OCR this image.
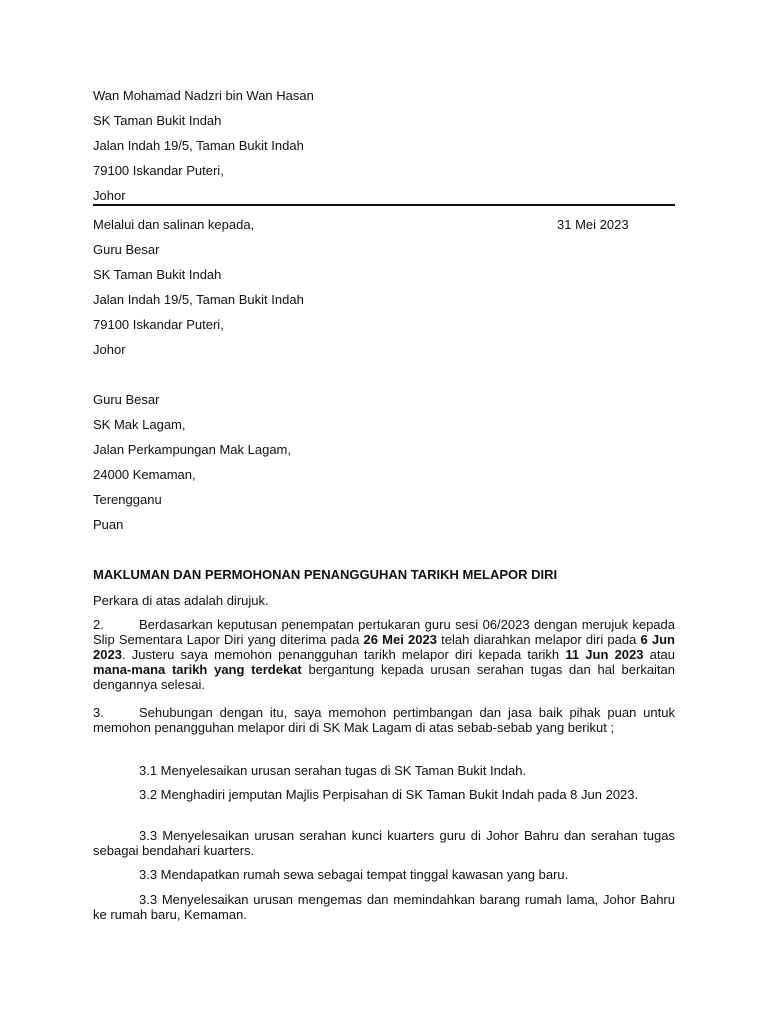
Wan Mohamad Nadzri bin Wan Hasan
SK Taman Bukit Indah
Jalan Indah 19/5, Taman Bukit Indah
79100 Iskandar Puteri,
Johor
Melalui dan salinan kepada,
Guru Besar
SK Taman Bukit Indah
Jalan Indah 19/5, Taman Bukit Indah
79100 Iskandar Puteri,
Johor
31 Mei 2023
Guru Besar
SK Mak Lagam,
Jalan Perkampungan Mak Lagam,
24000 Kemaman,
Terengganu
Puan
MAKLUMAN DAN PERMOHONAN PENANGGUHAN TARIKH MELAPOR DIRI
Perkara di atas adalah dirujuk.
2.	Berdasarkan keputusan penempatan pertukaran guru sesi 06/2023 dengan merujuk kepada Slip Sementara Lapor Diri yang diterima pada 26 Mei 2023 telah diarahkan melapor diri pada 6 Jun 2023. Justeru saya memohon penangguhan tarikh melapor diri kepada tarikh 11 Jun 2023 atau mana-mana tarikh yang terdekat bergantung kepada urusan serahan tugas dan hal berkaitan dengannya selesai.
3.	Sehubungan dengan itu, saya memohon pertimbangan dan jasa baik pihak puan untuk memohon penangguhan melapor diri di SK Mak Lagam di atas sebab-sebab yang berikut ;
3.1 Menyelesaikan urusan serahan tugas di SK Taman Bukit Indah.
3.2 Menghadiri jemputan Majlis Perpisahan di SK Taman Bukit Indah pada 8 Jun 2023.
3.3 Menyelesaikan urusan serahan kunci kuarters guru di Johor Bahru dan serahan tugas sebagai bendahari kuarters.
3.3 Mendapatkan rumah sewa sebagai tempat tinggal kawasan yang baru.
3.3 Menyelesaikan urusan mengemas dan memindahkan barang rumah lama, Johor Bahru ke rumah baru, Kemaman.
